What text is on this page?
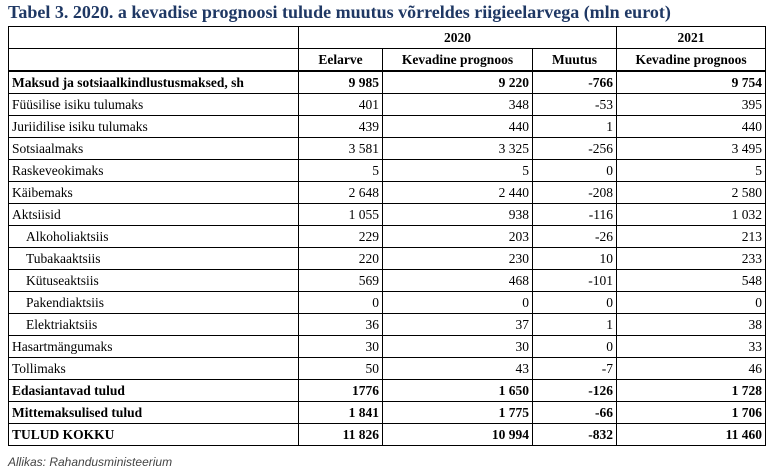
Tabel 3. 2020. a kevadise prognoosi tulude muutus võrreldes riigieelarvega (mln eurot)
	2020			2021
	Eelarve	Kevadine prognoos	Muutus	Kevadine prognoos
Maksud ja sotsiaalkindlustusmaksed, sh	9 985	9 220	-766	9 754
Füüsilise isiku tulumaks	401	348	-53	395
Juriidilise isiku tulumaks	439	440	1	440
Sotsiaalmaks	3 581	3 325	-256	3 495
Raskeveokimaks	5	5	0	5
Käibemaks	2 648	2 440	-208	2 580
Aktsiisid	1 055	938	-116	1 032
Alkoholiaktsiis	229	203	-26	213
Tubakaaktsiis	220	230	10	233
Kütuseaktsiis	569	468	-101	548
Pakendiaktsiis	0	0	0	0
Elektriaktsiis	36	37	1	38
Hasartmängumaks	30	30	0	33
Tollimaks	50	43	-7	46
Edasiantavad tulud	1776	1 650	-126	1 728
Mittemaksulised tulud	1 841	1 775	-66	1 706
TULUD KOKKU	11 826	10 994	-832	11 460
Allikas: Rahandusministeerium
